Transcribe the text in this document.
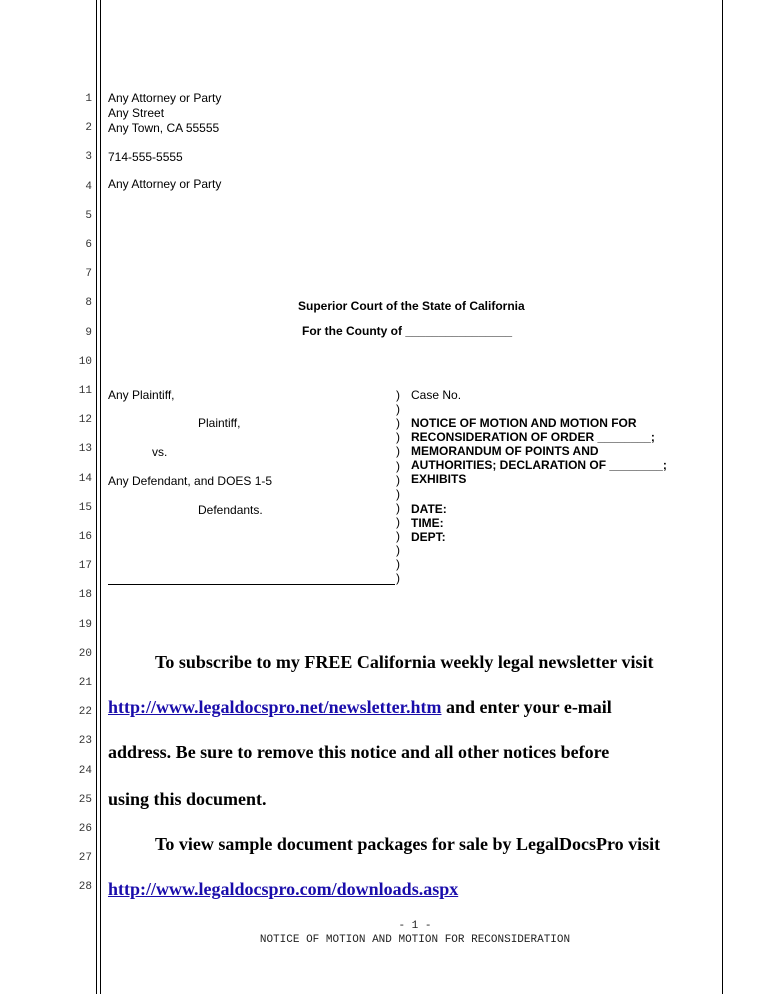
1
2
3
4
5
6
7
8
9
10
11
12
13
14
15
16
17
18
19
20
21
22
23
24
25
26
27
28
Any Attorney or Party
Any Street
Any Town, CA 55555
714-555-5555
Any Attorney or Party
Superior Court of the State of California
For the County of ________________
Any Plaintiff,
Plaintiff,
vs.
Any Defendant, and DOES 1-5
Defendants.
)
)
)
)
)
)
)
)
)
)
)
)
)
)
Case No.
NOTICE OF MOTION AND MOTION FOR
RECONSIDERATION OF ORDER ________;
MEMORANDUM OF POINTS AND
AUTHORITIES; DECLARATION OF ________;
EXHIBITS
DATE:
TIME:
DEPT:
To subscribe to my FREE California weekly legal newsletter visit
http://www.legaldocspro.net/newsletter.htm and enter your e-mail
address. Be sure to remove this notice and all other notices before
using this document.
To view sample document packages for sale by LegalDocsPro visit
http://www.legaldocspro.com/downloads.aspx
- 1 -
NOTICE OF MOTION AND MOTION FOR RECONSIDERATION
